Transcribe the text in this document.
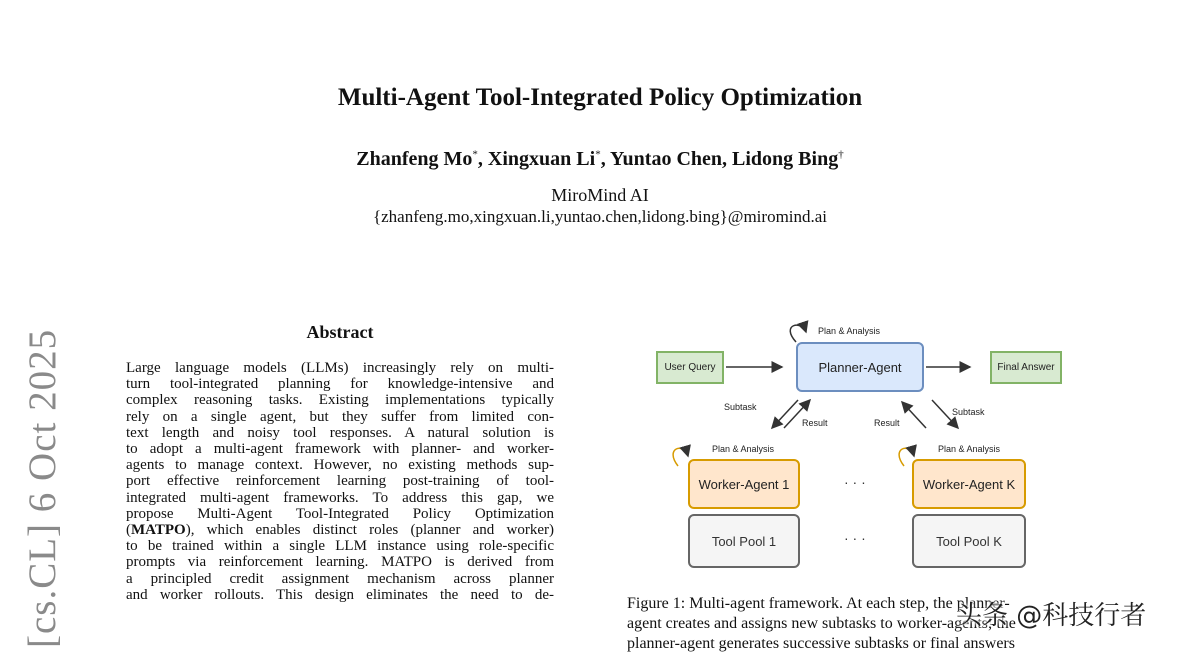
Multi-Agent Tool-Integrated Policy Optimization
Zhanfeng Mo*, Xingxuan Li*, Yuntao Chen, Lidong Bing†
MiroMind AI
{zhanfeng.mo,xingxuan.li,yuntao.chen,lidong.bing}@miromind.ai
[cs.CL] 6 Oct 2025	Abstract
Large language models (LLMs) increasingly rely on multi-
turn tool-integrated planning for knowledge-intensive and
complex reasoning tasks. Existing implementations typically
rely on a single agent, but they suffer from limited con-
text length and noisy tool responses. A natural solution is
to adopt a multi-agent framework with planner- and worker-
agents to manage context. However, no existing methods sup-
port effective reinforcement learning post-training of tool-
integrated multi-agent frameworks. To address this gap, we
propose Multi-Agent Tool-Integrated Policy Optimization
(MATPO), which enables distinct roles (planner and worker)
to be trained within a single LLM instance using role-specific
prompts via reinforcement learning. MATPO is derived from
a principled credit assignment mechanism across planner
and worker rollouts. This design eliminates the need to de-
Plan & Analysis
User Query	Planner-Agent	Final Answer
Subtask
Result	Result
Subtask
Plan & Analysis	Plan & Analysis
Worker-Agent 1	· · ·	Worker-Agent K
Tool Pool 1	· · ·	Tool Pool K
Figure 1: Multi-agent framework. At each step, the planner-
agent creates and assigns new subtasks to worker-agents; the
planner-agent generates successive subtasks or final answers
头条 @科技行者
